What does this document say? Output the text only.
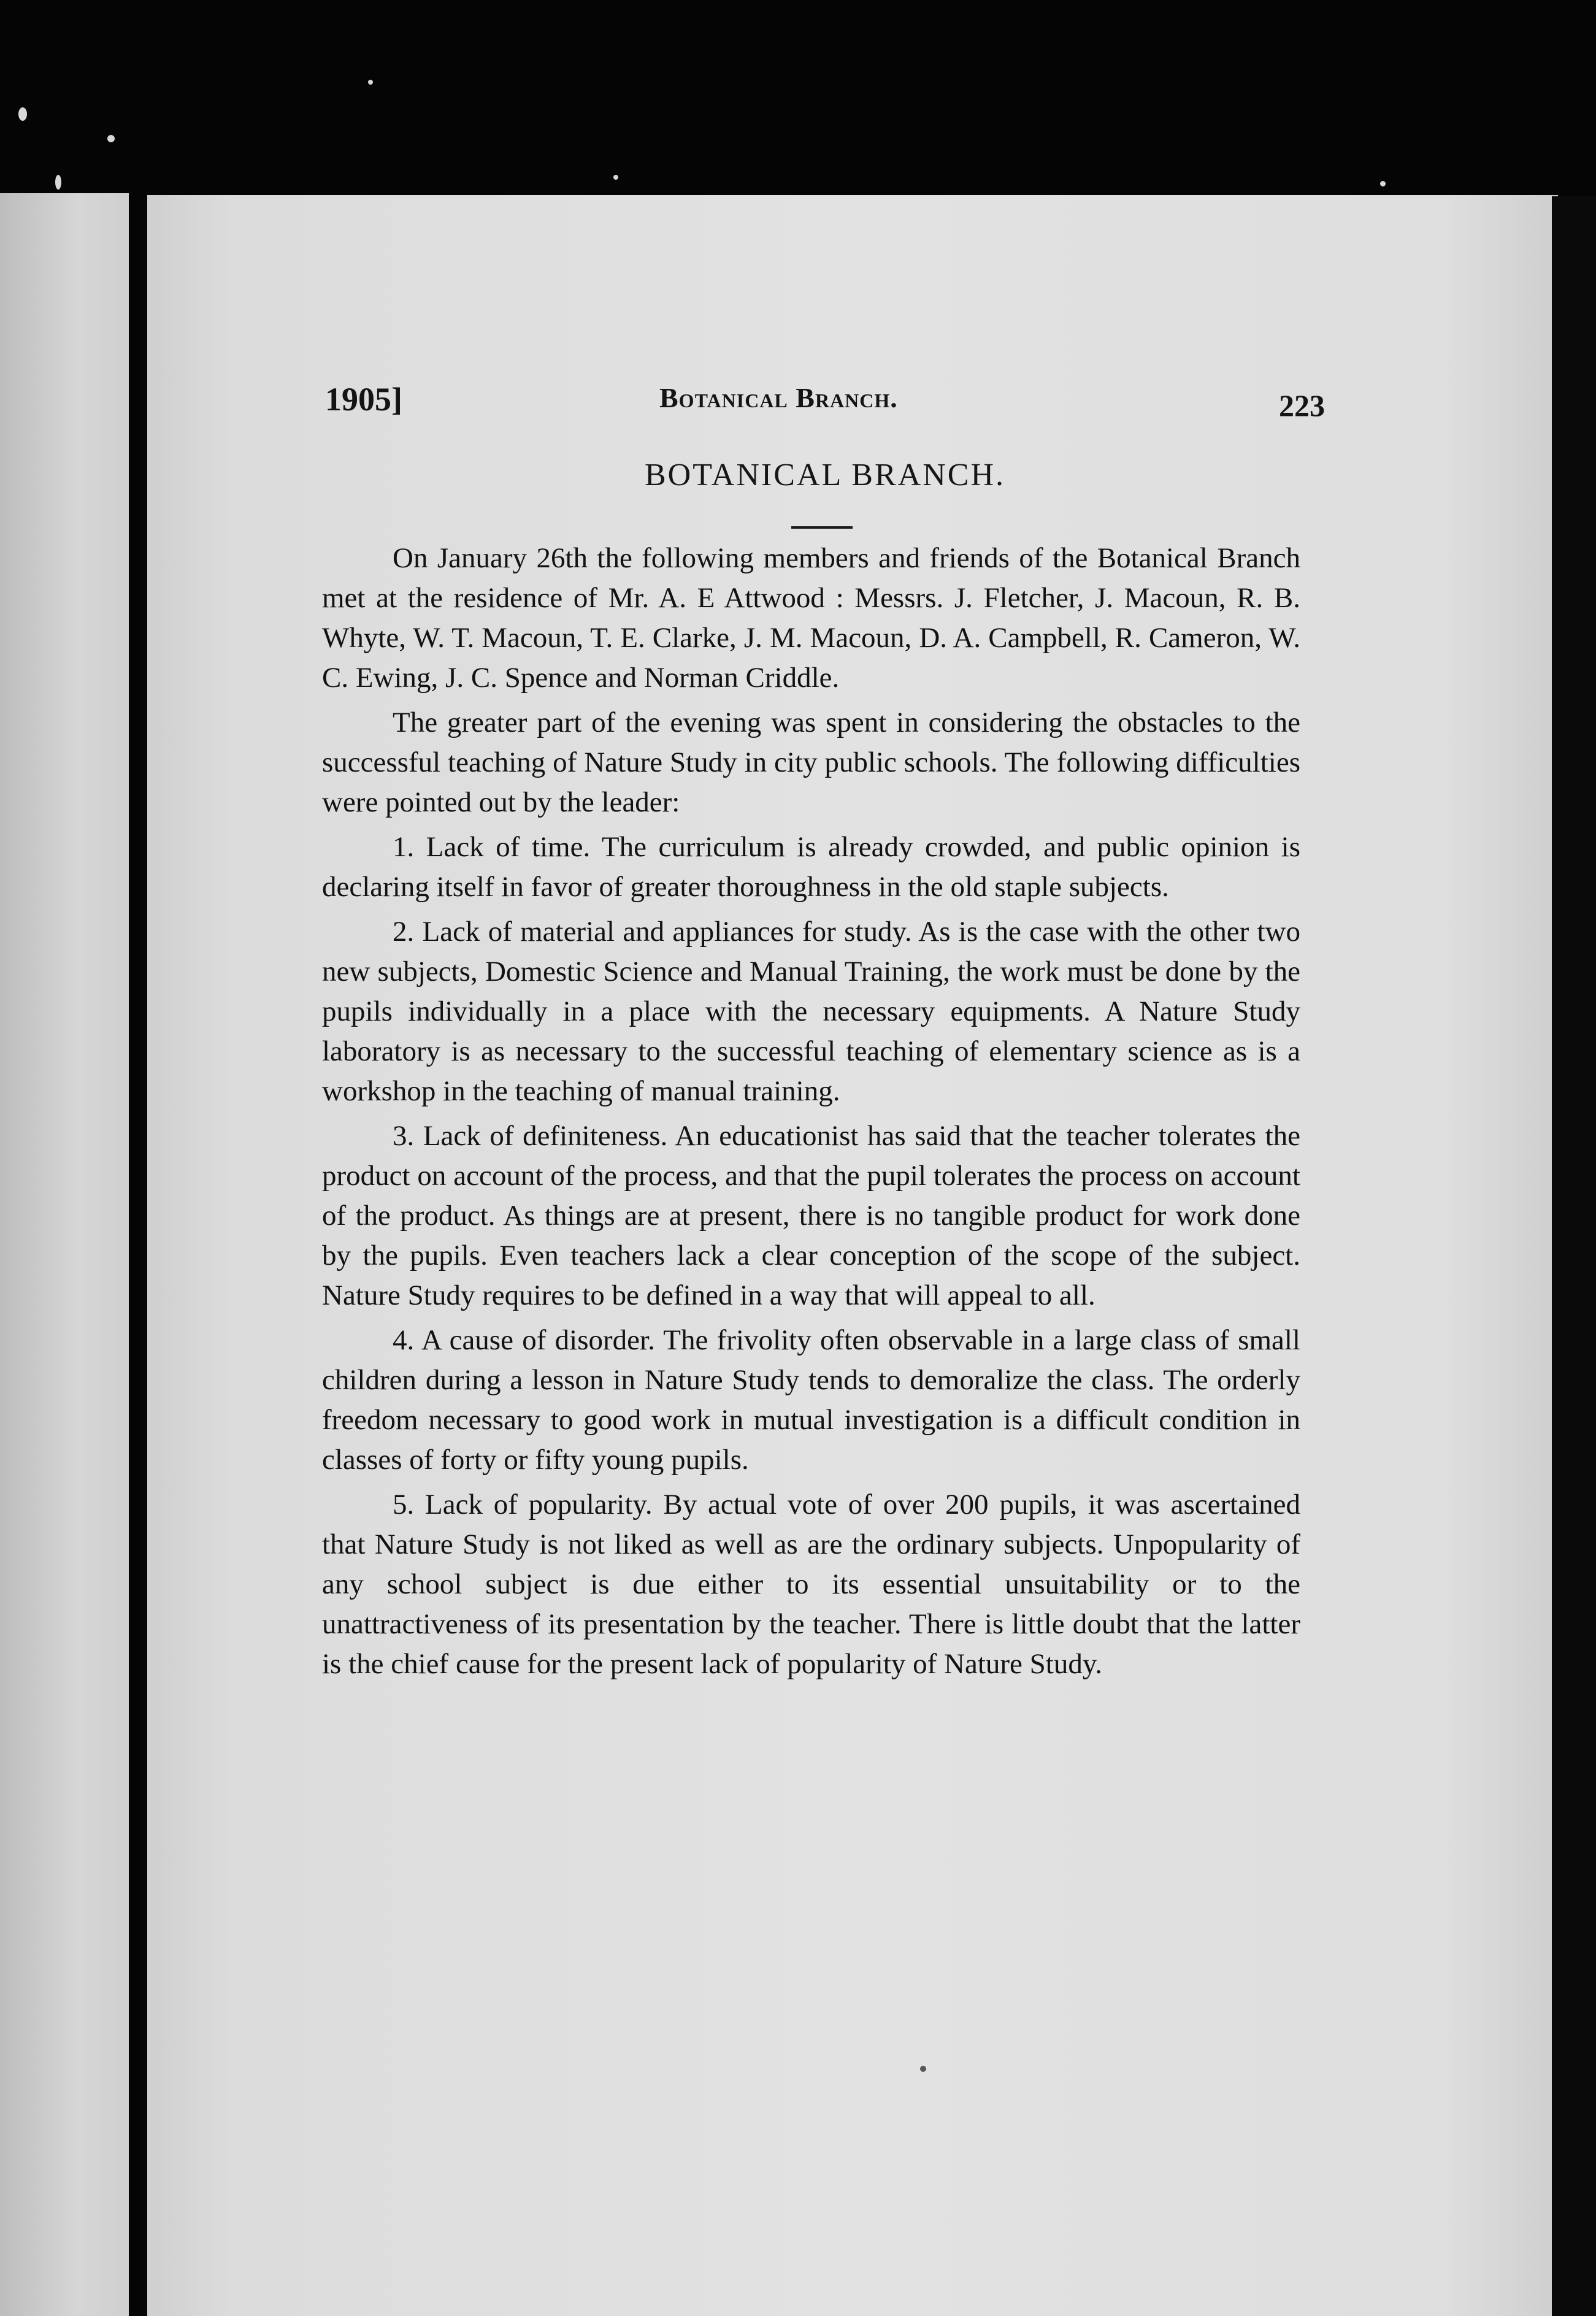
1905]	Botanical Branch.	223
BOTANICAL BRANCH.

On January 26th the following members and friends of the Botanical Branch met at the residence of Mr. A. E Attwood : Messrs. J. Fletcher, J. Macoun, R. B. Whyte, W. T. Macoun, T. E. Clarke, J. M. Macoun, D. A. Campbell, R. Cameron, W. C. Ewing, J. C. Spence and Norman Criddle.

The greater part of the evening was spent in considering the obstacles to the successful teaching of Nature Study in city public schools. The following difficulties were pointed out by the leader:

1. Lack of time. The curriculum is already crowded, and public opinion is declaring itself in favor of greater thoroughness in the old staple subjects.

2. Lack of material and appliances for study. As is the case with the other two new subjects, Domestic Science and Manual Training, the work must be done by the pupils individually in a place with the necessary equipments. A Nature Study laboratory is as necessary to the successful teaching of elementary science as is a workshop in the teaching of manual training.

3. Lack of definiteness. An educationist has said that the teacher tolerates the product on account of the process, and that the pupil tolerates the process on account of the product. As things are at present, there is no tangible product for work done by the pupils. Even teachers lack a clear conception of the scope of the subject. Nature Study requires to be defined in a way that will appeal to all.

4. A cause of disorder. The frivolity often observable in a large class of small children during a lesson in Nature Study tends to demoralize the class. The orderly freedom necessary to good work in mutual investigation is a difficult condition in classes of forty or fifty young pupils.

5. Lack of popularity. By actual vote of over 200 pupils, it was ascertained that Nature Study is not liked as well as are the ordinary subjects. Unpopularity of any school subject is due either to its essential unsuitability or to the unattractiveness of its presentation by the teacher. There is little doubt that the latter is the chief cause for the present lack of popularity of Nature Study.
